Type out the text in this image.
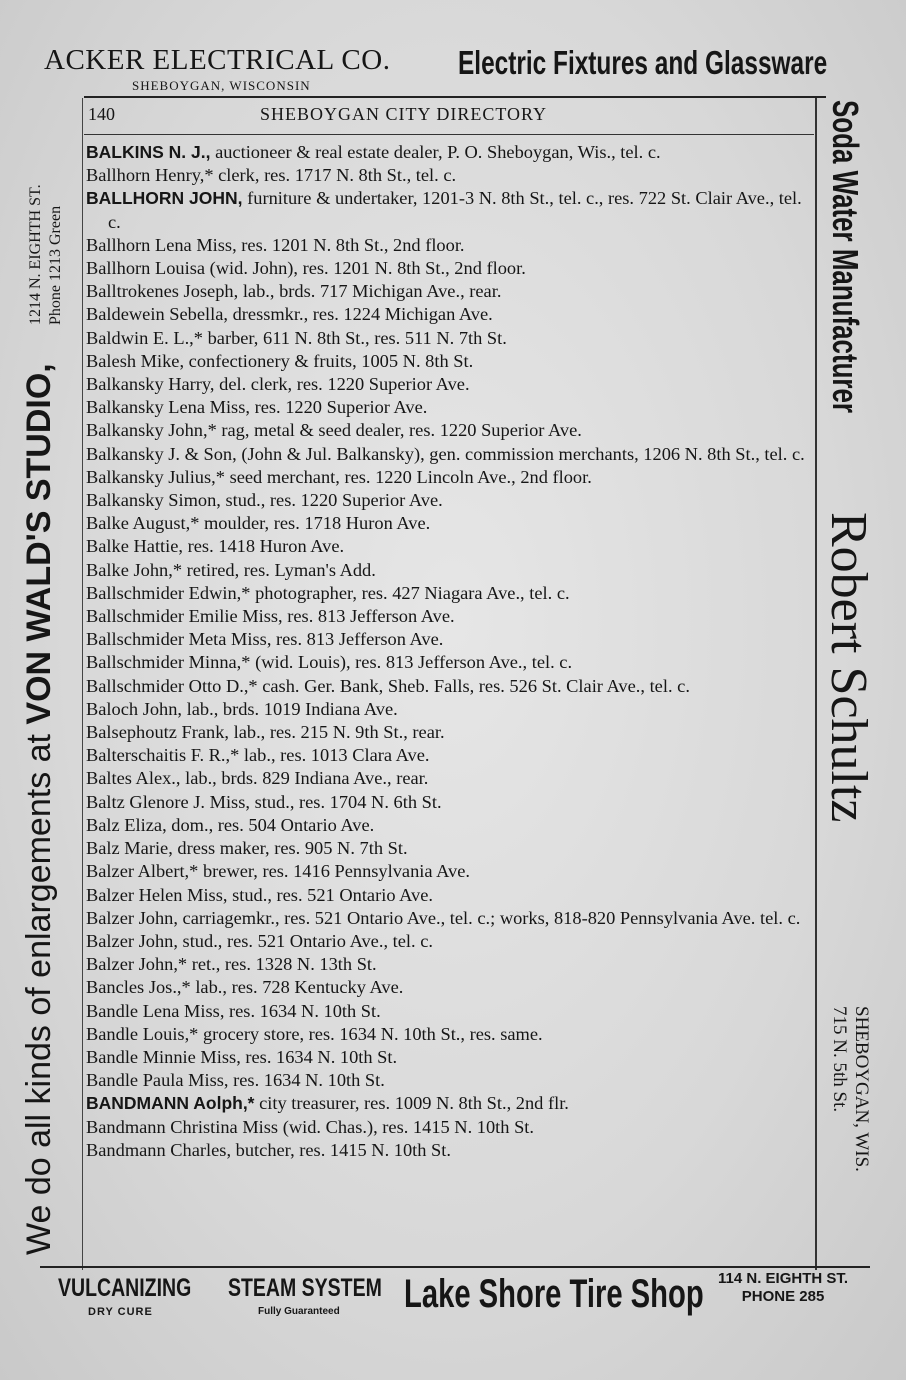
ACKER ELECTRICAL CO.
SHEBOYGAN, WISCONSIN
Electric Fixtures and Glassware
140	SHEBOYGAN CITY DIRECTORY
BALKINS N. J., auctioneer & real estate dealer, P. O. Sheboygan, Wis., tel. c.
Ballhorn Henry,* clerk, res. 1717 N. 8th St., tel. c.
BALLHORN JOHN, furniture & undertaker, 1201-3 N. 8th St., tel. c., res. 722 St. Clair Ave., tel. c.
Ballhorn Lena Miss, res. 1201 N. 8th St., 2nd floor.
Ballhorn Louisa (wid. John), res. 1201 N. 8th St., 2nd floor.
Balltrokenes Joseph, lab., brds. 717 Michigan Ave., rear.
Baldewein Sebella, dressmkr., res. 1224 Michigan Ave.
Baldwin E. L.,* barber, 611 N. 8th St., res. 511 N. 7th St.
Balesh Mike, confectionery & fruits, 1005 N. 8th St.
Balkansky Harry, del. clerk, res. 1220 Superior Ave.
Balkansky Lena Miss, res. 1220 Superior Ave.
Balkansky John,* rag, metal & seed dealer, res. 1220 Superior Ave.
Balkansky J. & Son, (John & Jul. Balkansky), gen. commission merchants, 1206 N. 8th St., tel. c.
Balkansky Julius,* seed merchant, res. 1220 Lincoln Ave., 2nd floor.
Balkansky Simon, stud., res. 1220 Superior Ave.
Balke August,* moulder, res. 1718 Huron Ave.
Balke Hattie, res. 1418 Huron Ave.
Balke John,* retired, res. Lyman's Add.
Ballschmider Edwin,* photographer, res. 427 Niagara Ave., tel. c.
Ballschmider Emilie Miss, res. 813 Jefferson Ave.
Ballschmider Meta Miss, res. 813 Jefferson Ave.
Ballschmider Minna,* (wid. Louis), res. 813 Jefferson Ave., tel. c.
Ballschmider Otto D.,* cash. Ger. Bank, Sheb. Falls, res. 526 St. Clair Ave., tel. c.
Baloch John, lab., brds. 1019 Indiana Ave.
Balsephoutz Frank, lab., res. 215 N. 9th St., rear.
Balterschaitis F. R.,* lab., res. 1013 Clara Ave.
Baltes Alex., lab., brds. 829 Indiana Ave., rear.
Baltz Glenore J. Miss, stud., res. 1704 N. 6th St.
Balz Eliza, dom., res. 504 Ontario Ave.
Balz Marie, dress maker, res. 905 N. 7th St.
Balzer Albert,* brewer, res. 1416 Pennsylvania Ave.
Balzer Helen Miss, stud., res. 521 Ontario Ave.
Balzer John, carriagemkr., res. 521 Ontario Ave., tel. c.; works, 818-820 Pennsylvania Ave. tel. c.
Balzer John, stud., res. 521 Ontario Ave., tel. c.
Balzer John,* ret., res. 1328 N. 13th St.
Bancles Jos.,* lab., res. 728 Kentucky Ave.
Bandle Lena Miss, res. 1634 N. 10th St.
Bandle Louis,* grocery store, res. 1634 N. 10th St., res. same.
Bandle Minnie Miss, res. 1634 N. 10th St.
Bandle Paula Miss, res. 1634 N. 10th St.
BANDMANN Aolph,* city treasurer, res. 1009 N. 8th St., 2nd flr.
Bandmann Christina Miss (wid. Chas.), res. 1415 N. 10th St.
Bandmann Charles, butcher, res. 1415 N. 10th St.
We do all kinds of enlargements at VON WALD'S STUDIO,
1214 N. EIGHTH ST. Phone 1213 Green	Soda Water Manufacturer
Robert Schultz
SHEBOYGAN, WIS.
715 N. 5th St.
VULCANIZING
DRY CURE
STEAM SYSTEM
Fully Guaranteed Lake Shore Tire Shop 114 N. EIGHTH ST.
PHONE 285
